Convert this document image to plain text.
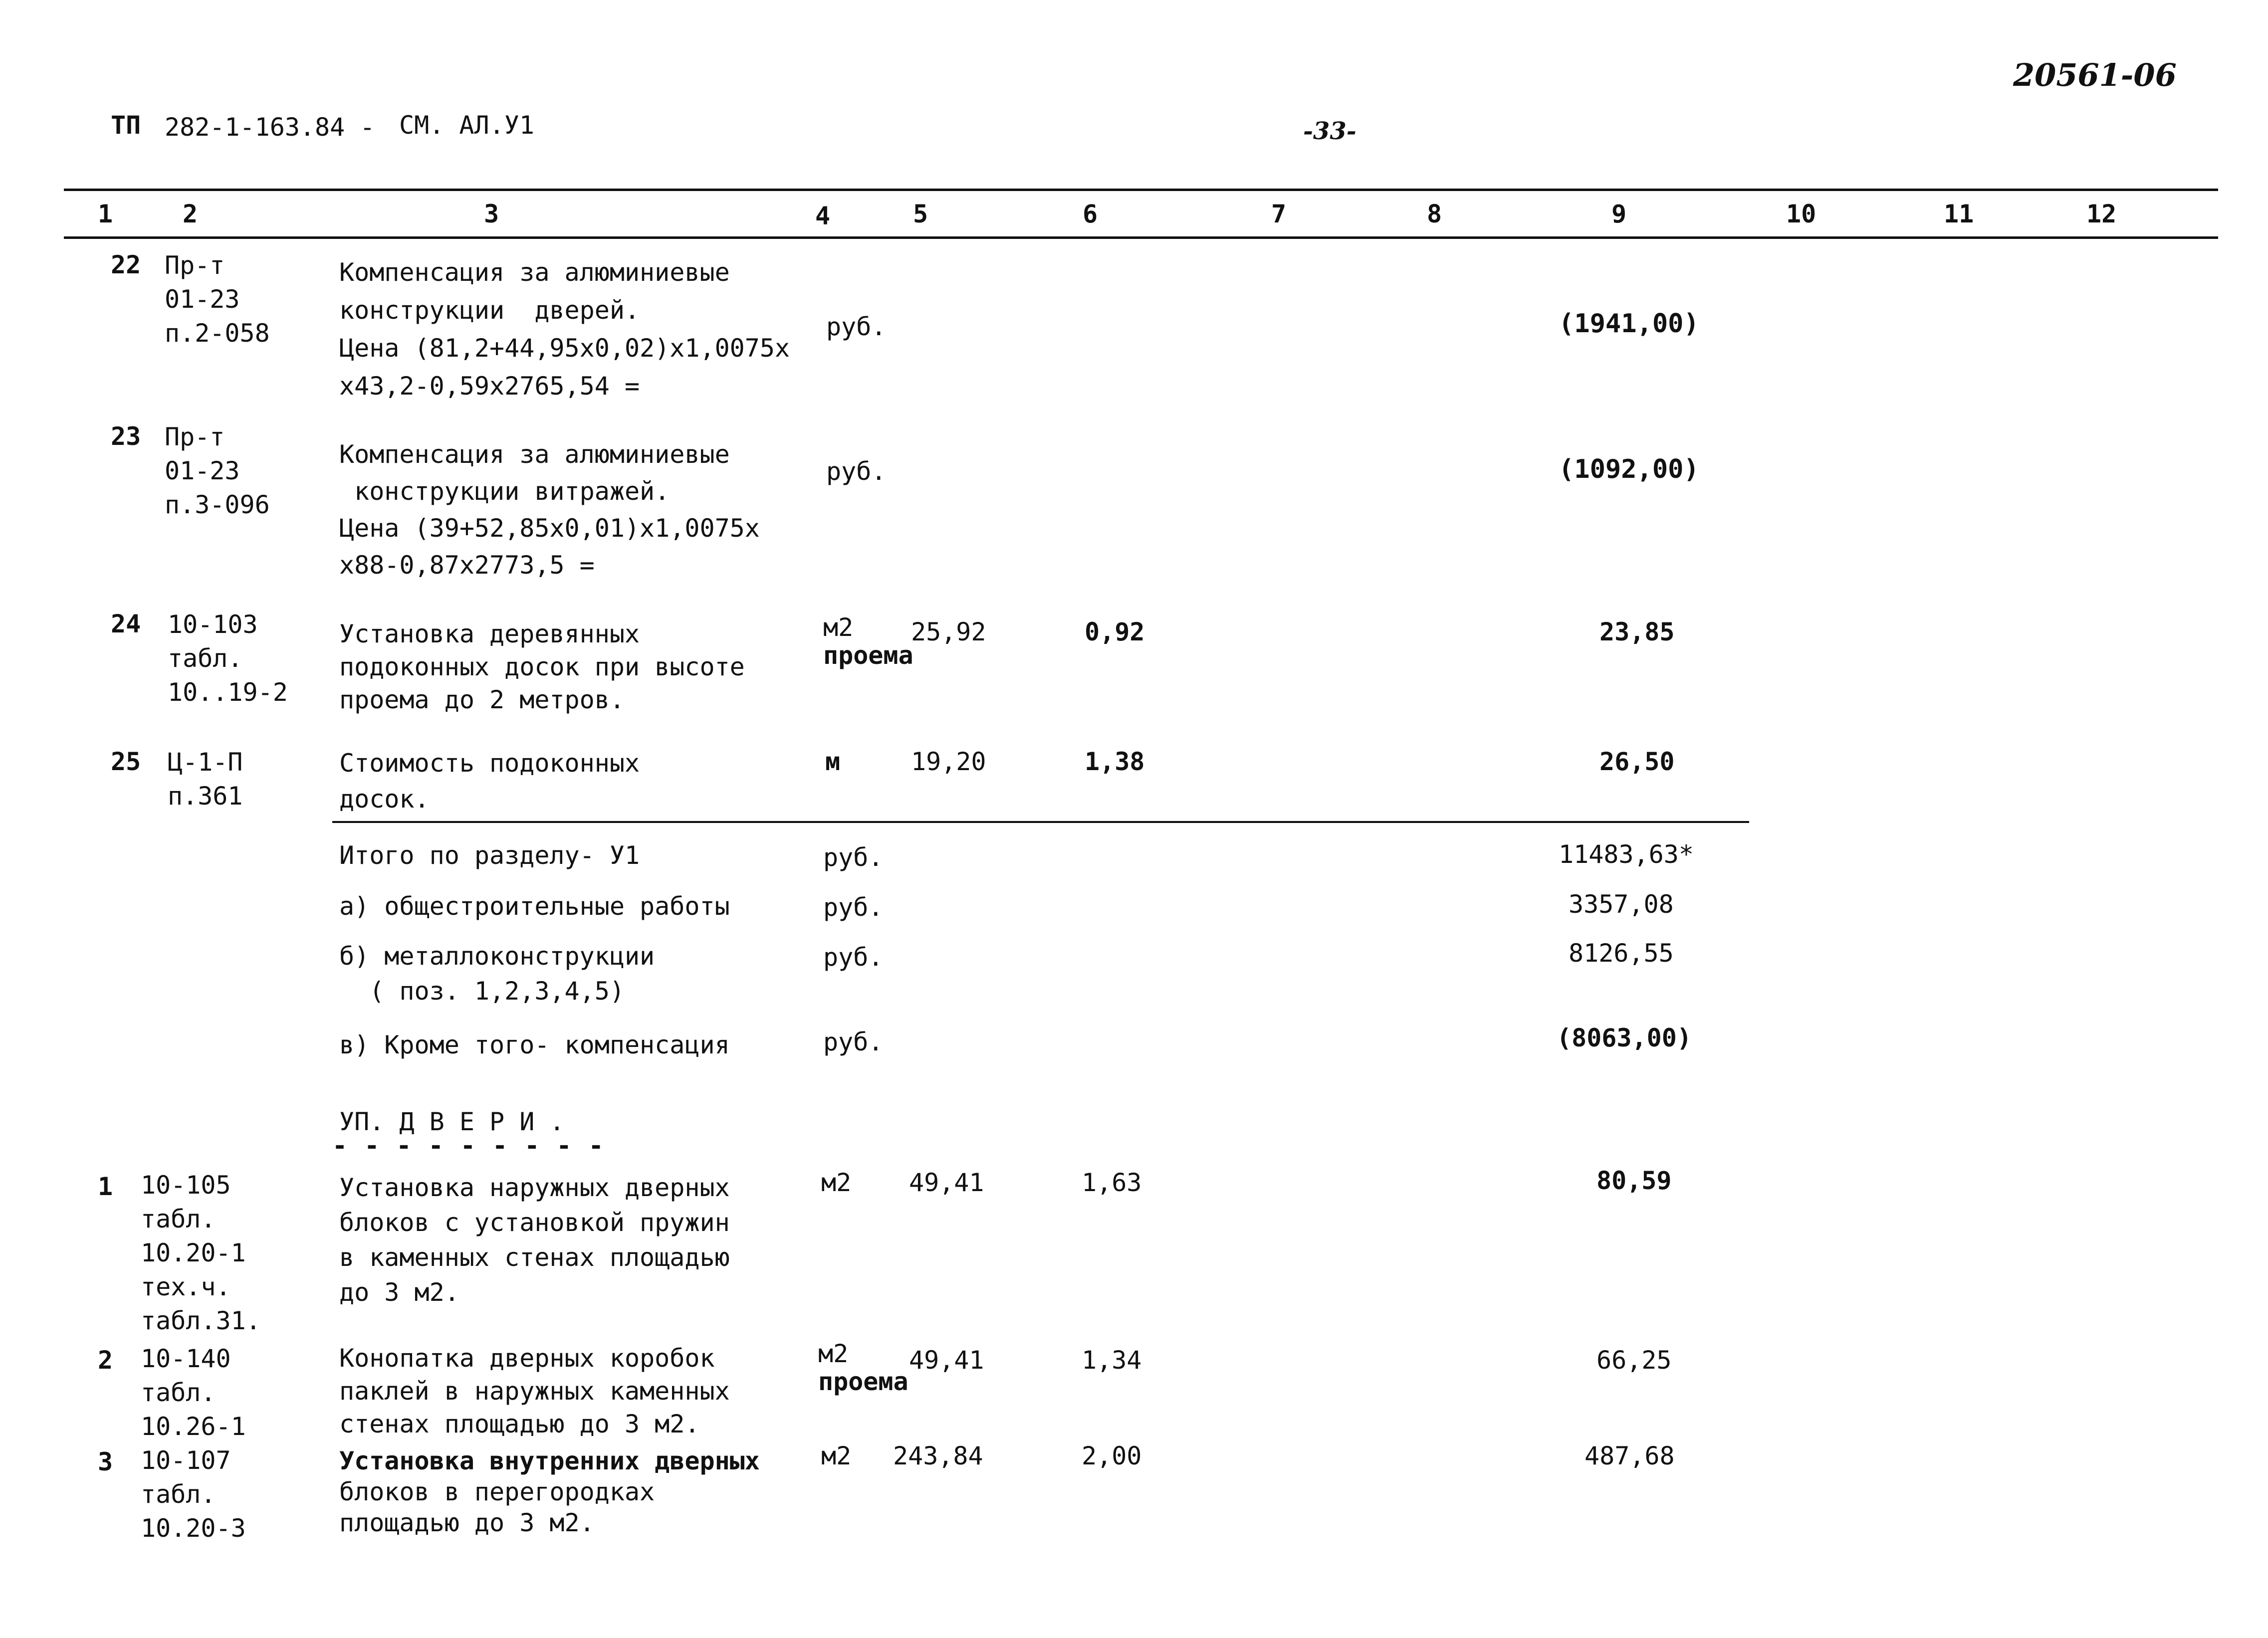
20561-06
ТП 282-1-163.84 - СМ. АЛ.У1	-33-
1	2	3	4	5	6	7	8	9	10	11	12
22 Пр-т
01-23
п.2-058
Компенсация за алюминиевые
конструкции  дверей.
Цена (81,2+44,95х0,02)х1,0075х
х43,2-0,59х2765,54 =
руб.	(1941,00)
23 Пр-т
01-23
п.3-096
Компенсация за алюминиевые
конструкции витражей.
Цена (39+52,85х0,01)х1,0075х
х88-0,87х2773,5 =
руб.	(1092,00)
24 10-103
табл.
10..19-2
Установка деревянных
подоконных досок при высоте
проема до 2 метров.
м2
проема
25,92	0,92	23,85
25 Ц-1-П
п.361
Стоимость подоконных
досок.
м	19,20	1,38	26,50
Итого по разделу- У1	руб.	11483,63*
а) общестроительные работы	руб.	3357,08
б) металлоконструкции
( поз. 1,2,3,4,5)
руб.	8126,55
в) Кроме того- компенсация	руб.	(8063,00)
УП. Д В Е Р И .
- - - - - - - - -
1 10-105
табл.
10.20-1
тех.ч.
табл.31.
Установка наружных дверных
блоков с установкой пружин
в каменных стенах площадью
до 3 м2.
м2 49,41	1,63	80,59
2 10-140
табл.
10.26-1
Конопатка дверных коробок
паклей в наружных каменных
стенах площадью до 3 м2.
м2
проема
49,41	1,34	66,25
3 10-107
табл.
10.20-3
Установка внутренних дверных
блоков в перегородках
площадью до 3 м2.
м2 243,84	2,00	487,68
